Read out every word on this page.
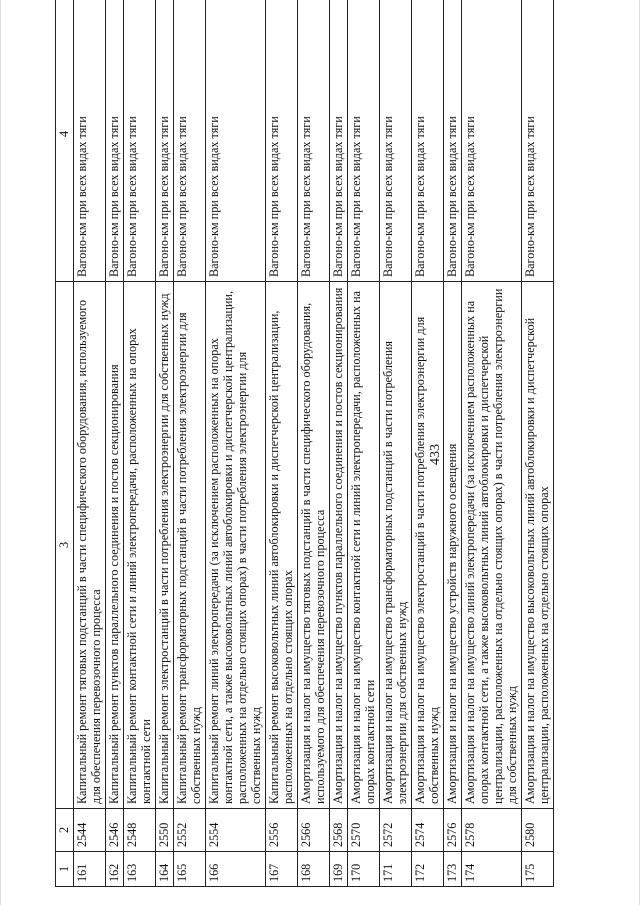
433
1	2	3	4
161	2544	Капитальный ремонт тяговых подстанций в части специфического оборудования, используемого для обеспечения перевозочного процесса	Вагоно-км при всех видах тяги
162	2546	Капитальный ремонт пунктов параллельного соединения и постов секционирования	Вагоно-км при всех видах тяги
163	2548	Капитальный ремонт контактной сети и линий электропередачи, расположенных на опорах контактной сети	Вагоно-км при всех видах тяги
164	2550	Капитальный ремонт электростанций в части потребления электроэнергии для собственных нужд	Вагоно-км при всех видах тяги
165	2552	Капитальный ремонт трансформаторных подстанций в части потребления электроэнергии для собственных нужд	Вагоно-км при всех видах тяги
166	2554	Капитальный ремонт линий электропередачи (за исключением расположенных на опорах контактной сети, а также высоковольтных линий автоблокировки и диспетчерской централизации, расположенных на отдельно стоящих опорах) в части потребления электроэнергии для собственных нужд	Вагоно-км при всех видах тяги
167	2556	Капитальный ремонт высоковольтных линий автоблокировки и диспетчерской централизации, расположенных на отдельно стоящих опорах	Вагоно-км при всех видах тяги
168	2566	Амортизация и налог на имущество тяговых подстанций в части специфического оборудования, используемого для обеспечения перевозочного процесса	Вагоно-км при всех видах тяги
169	2568	Амортизация и налог на имущество пунктов параллельного соединения и постов секционирования	Вагоно-км при всех видах тяги
170	2570	Амортизация и налог на имущество контактной сети и линий электропередачи, расположенных на опорах контактной сети	Вагоно-км при всех видах тяги
171	2572	Амортизация и налог на имущество трансформаторных подстанций в части потребления электроэнергии для собственных нужд	Вагоно-км при всех видах тяги
172	2574	Амортизация и налог на имущество электростанций в части потребления электроэнергии для собственных нужд	Вагоно-км при всех видах тяги
173	2576	Амортизация и налог на имущество устройств наружного освещения	Вагоно-км при всех видах тяги
174	2578	Амортизация и налог на имущество линий электропередачи (за исключением расположенных на опорах контактной сети, а также высоковольтных линий автоблокировки и диспетчерской централизации, расположенных на отдельно стоящих опорах) в части потребления электроэнергии для собственных нужд	Вагоно-км при всех видах тяги
175	2580	Амортизация и налог на имущество высоковольтных линий автоблокировки и диспетчерской централизации, расположенных на отдельно стоящих опорах	Вагоно-км при всех видах тяги
